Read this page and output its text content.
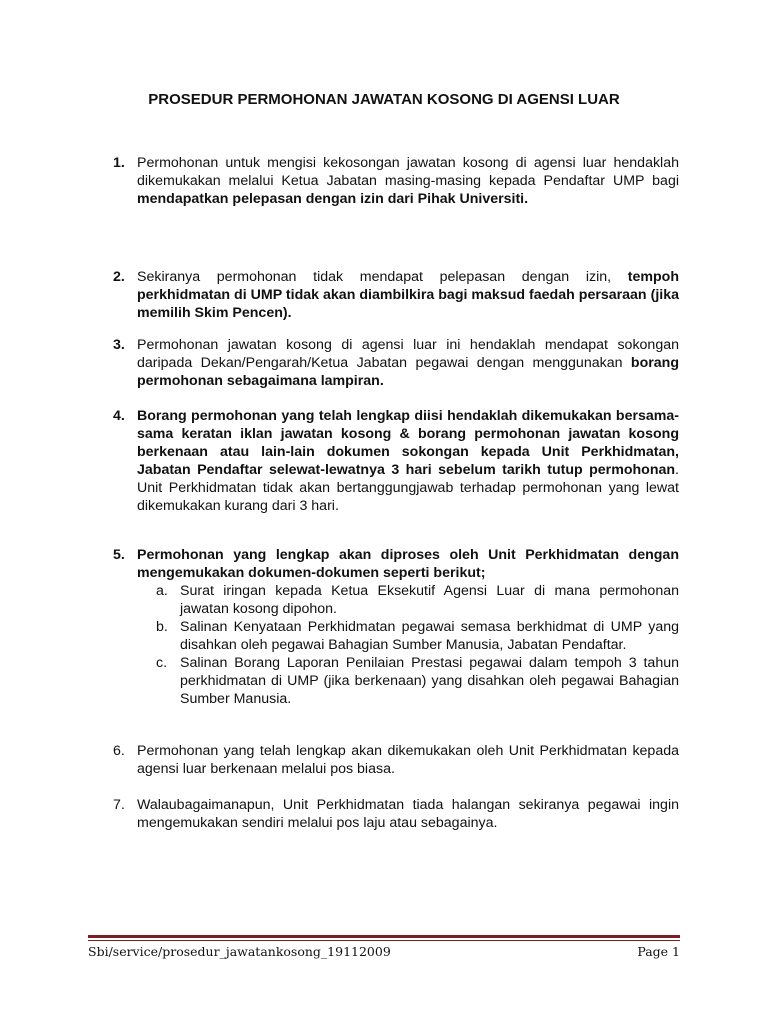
PROSEDUR PERMOHONAN JAWATAN KOSONG DI AGENSI LUAR
1. Permohonan untuk mengisi kekosongan jawatan kosong di agensi luar hendaklah dikemukakan melalui Ketua Jabatan masing-masing kepada Pendaftar UMP bagi mendapatkan pelepasan dengan izin dari Pihak Universiti.
2. Sekiranya permohonan tidak mendapat pelepasan dengan izin, tempoh perkhidmatan di UMP tidak akan diambilkira bagi maksud faedah persaraan (jika memilih Skim Pencen).
3. Permohonan jawatan kosong di agensi luar ini hendaklah mendapat sokongan daripada Dekan/Pengarah/Ketua Jabatan pegawai dengan menggunakan borang permohonan sebagaimana lampiran.
4. Borang permohonan yang telah lengkap diisi hendaklah dikemukakan bersama-sama keratan iklan jawatan kosong & borang permohonan jawatan kosong berkenaan atau lain-lain dokumen sokongan kepada Unit Perkhidmatan, Jabatan Pendaftar selewat-lewatnya 3 hari sebelum tarikh tutup permohonan. Unit Perkhidmatan tidak akan bertanggungjawab terhadap permohonan yang lewat dikemukakan kurang dari 3 hari.
5. Permohonan yang lengkap akan diproses oleh Unit Perkhidmatan dengan mengemukakan dokumen-dokumen seperti berikut;

a. Surat iringan kepada Ketua Eksekutif Agensi Luar di mana permohonan jawatan kosong dipohon.

b. Salinan Kenyataan Perkhidmatan pegawai semasa berkhidmat di UMP yang disahkan oleh pegawai Bahagian Sumber Manusia, Jabatan Pendaftar.

c. Salinan Borang Laporan Penilaian Prestasi pegawai dalam tempoh 3 tahun perkhidmatan di UMP (jika berkenaan) yang disahkan oleh pegawai Bahagian Sumber Manusia.

6. Permohonan yang telah lengkap akan dikemukakan oleh Unit Perkhidmatan kepada agensi luar berkenaan melalui pos biasa.
7. Walaubagaimanapun, Unit Perkhidmatan tiada halangan sekiranya pegawai ingin mengemukakan sendiri melalui pos laju atau sebagainya.
Sbi/service/prosedur_jawatankosong_19112009	Page 1
